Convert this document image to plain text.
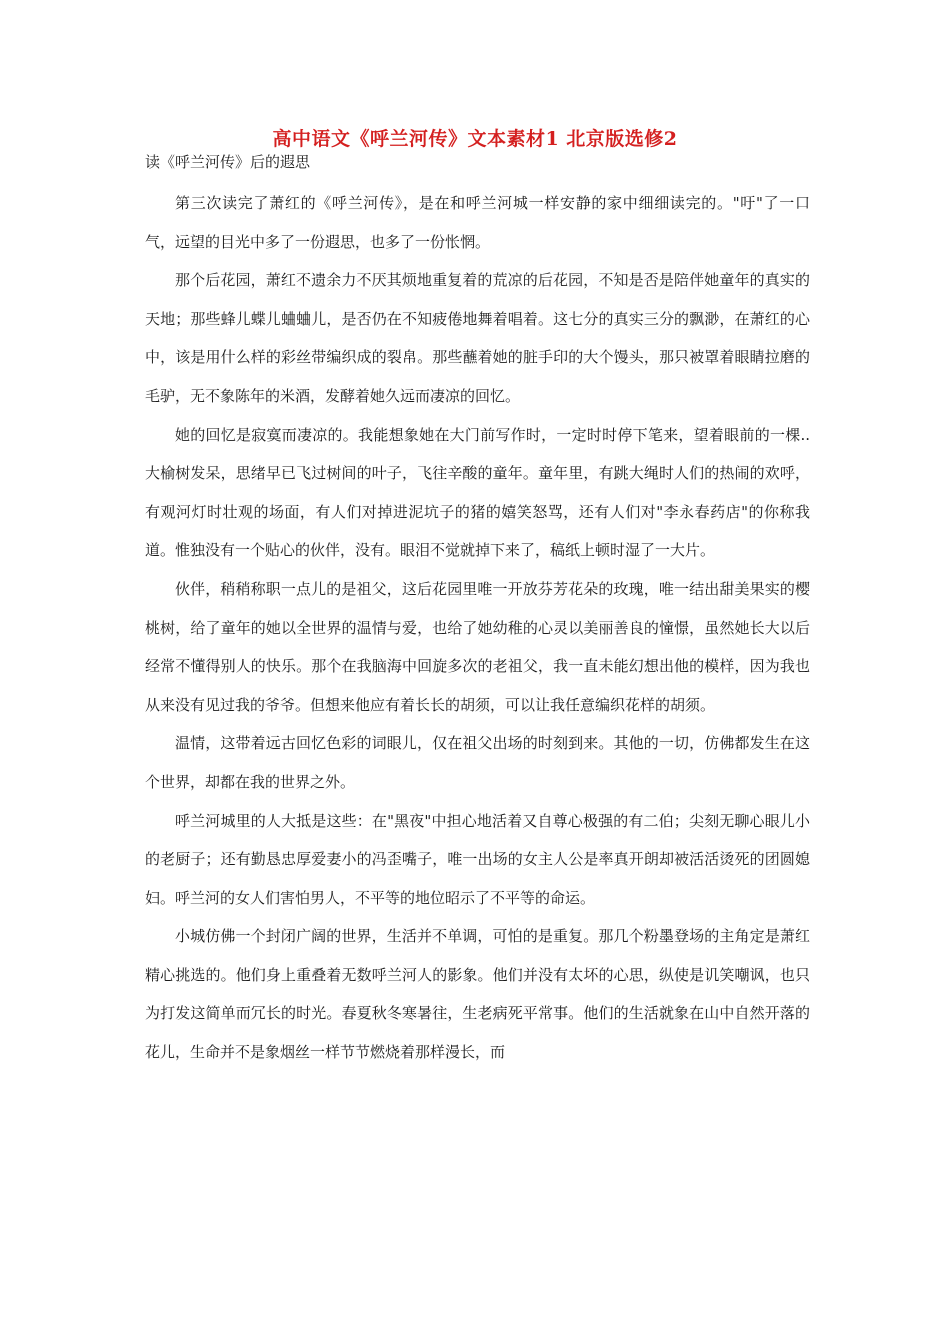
高中语文《呼兰河传》文本素材1 北京版选修2
读《呼兰河传》后的遐思

第三次读完了萧红的《呼兰河传》，是在和呼兰河城一样安静的家中细细读完的。"吁"了一口气，远望的目光中多了一份遐思，也多了一份怅惘。

那个后花园，萧红不遗余力不厌其烦地重复着的荒凉的后花园，不知是否是陪伴她童年的真实的天地；那些蜂儿蝶儿蛐蛐儿，是否仍在不知疲倦地舞着唱着。这七分的真实三分的飘渺，在萧红的心中，该是用什么样的彩丝带编织成的裂帛。那些蘸着她的脏手印的大个馒头，那只被罩着眼睛拉磨的毛驴，无不象陈年的米酒，发酵着她久远而凄凉的回忆。

她的回忆是寂寞而凄凉的。我能想象她在大门前写作时，一定时时停下笔来，望着眼前的一棵..大榆树发呆，思绪早已飞过树间的叶子，飞往辛酸的童年。童年里，有跳大绳时人们的热闹的欢呼，有观河灯时壮观的场面，有人们对掉进泥坑子的猪的嬉笑怒骂，还有人们对"李永春药店"的你称我道。惟独没有一个贴心的伙伴，没有。眼泪不觉就掉下来了，稿纸上顿时湿了一大片。

伙伴，稍稍称职一点儿的是祖父，这后花园里唯一开放芬芳花朵的玫瑰，唯一结出甜美果实的樱桃树，给了童年的她以全世界的温情与爱，也给了她幼稚的心灵以美丽善良的憧憬，虽然她长大以后经常不懂得别人的快乐。那个在我脑海中回旋多次的老祖父，我一直未能幻想出他的模样，因为我也从来没有见过我的爷爷。但想来他应有着长长的胡须，可以让我任意编织花样的胡须。

温情，这带着远古回忆色彩的词眼儿，仅在祖父出场的时刻到来。其他的一切，仿佛都发生在这个世界，却都在我的世界之外。

呼兰河城里的人大抵是这些：在"黑夜"中担心地活着又自尊心极强的有二伯；尖刻无聊心眼儿小的老厨子；还有勤恳忠厚爱妻小的冯歪嘴子，唯一出场的女主人公是率真开朗却被活活烫死的团圆媳妇。呼兰河的女人们害怕男人，不平等的地位昭示了不平等的命运。

小城仿佛一个封闭广阔的世界，生活并不单调，可怕的是重复。那几个粉墨登场的主角定是萧红精心挑选的。他们身上重叠着无数呼兰河人的影象。他们并没有太坏的心思，纵使是讥笑嘲讽，也只为打发这简单而冗长的时光。春夏秋冬寒暑往，生老病死平常事。他们的生活就象在山中自然开落的花儿，生命并不是象烟丝一样节节燃烧着那样漫长，而
